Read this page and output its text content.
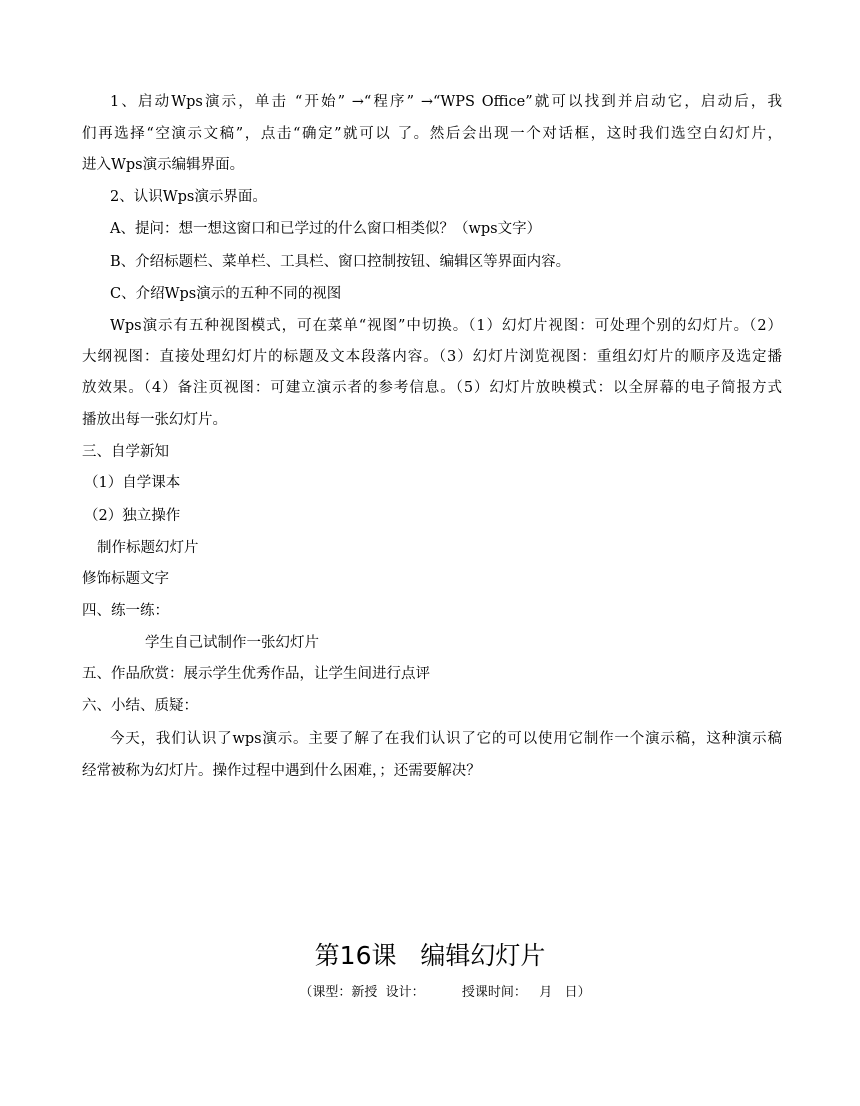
1、启动Wps演示，单击 “开始” →“程序” →“WPS Office”就可以找到并启动它，启动后，我
们再选择“空演示文稿”，点击“确定”就可以 了。然后会出现一个对话框，这时我们选空白幻灯片，
进入Wps演示编辑界面。
2、认识Wps演示界面。
A、提问：想一想这窗口和已学过的什么窗口相类似？（wps文字）
B、介绍标题栏、菜单栏、工具栏、窗口控制按钮、编辑区等界面内容。
C、介绍Wps演示的五种不同的视图
Wps演示有五种视图模式，可在菜单“视图”中切换。（1）幻灯片视图：可处理个别的幻灯片。（2）
大纲视图：直接处理幻灯片的标题及文本段落内容。（3）幻灯片浏览视图：重组幻灯片的顺序及选定播
放效果。（4）备注页视图：可建立演示者的参考信息。（5）幻灯片放映模式：以全屏幕的电子简报方式
播放出每一张幻灯片。
三、自学新知
（1）自学课本
（2）独立操作
制作标题幻灯片
修饰标题文字
四、练一练：
学生自己试制作一张幻灯片
五、作品欣赏：展示学生优秀作品，让学生间进行点评
六、小结、质疑：
今天，我们认识了wps演示。主要了解了在我们认识了它的可以使用它制作一个演示稿，这种演示稿
经常被称为幻灯片。操作过程中遇到什么困难，；还需要解决？
第16课   编辑幻灯片
（课型：新授  设计：         授课时间：   月   日）
